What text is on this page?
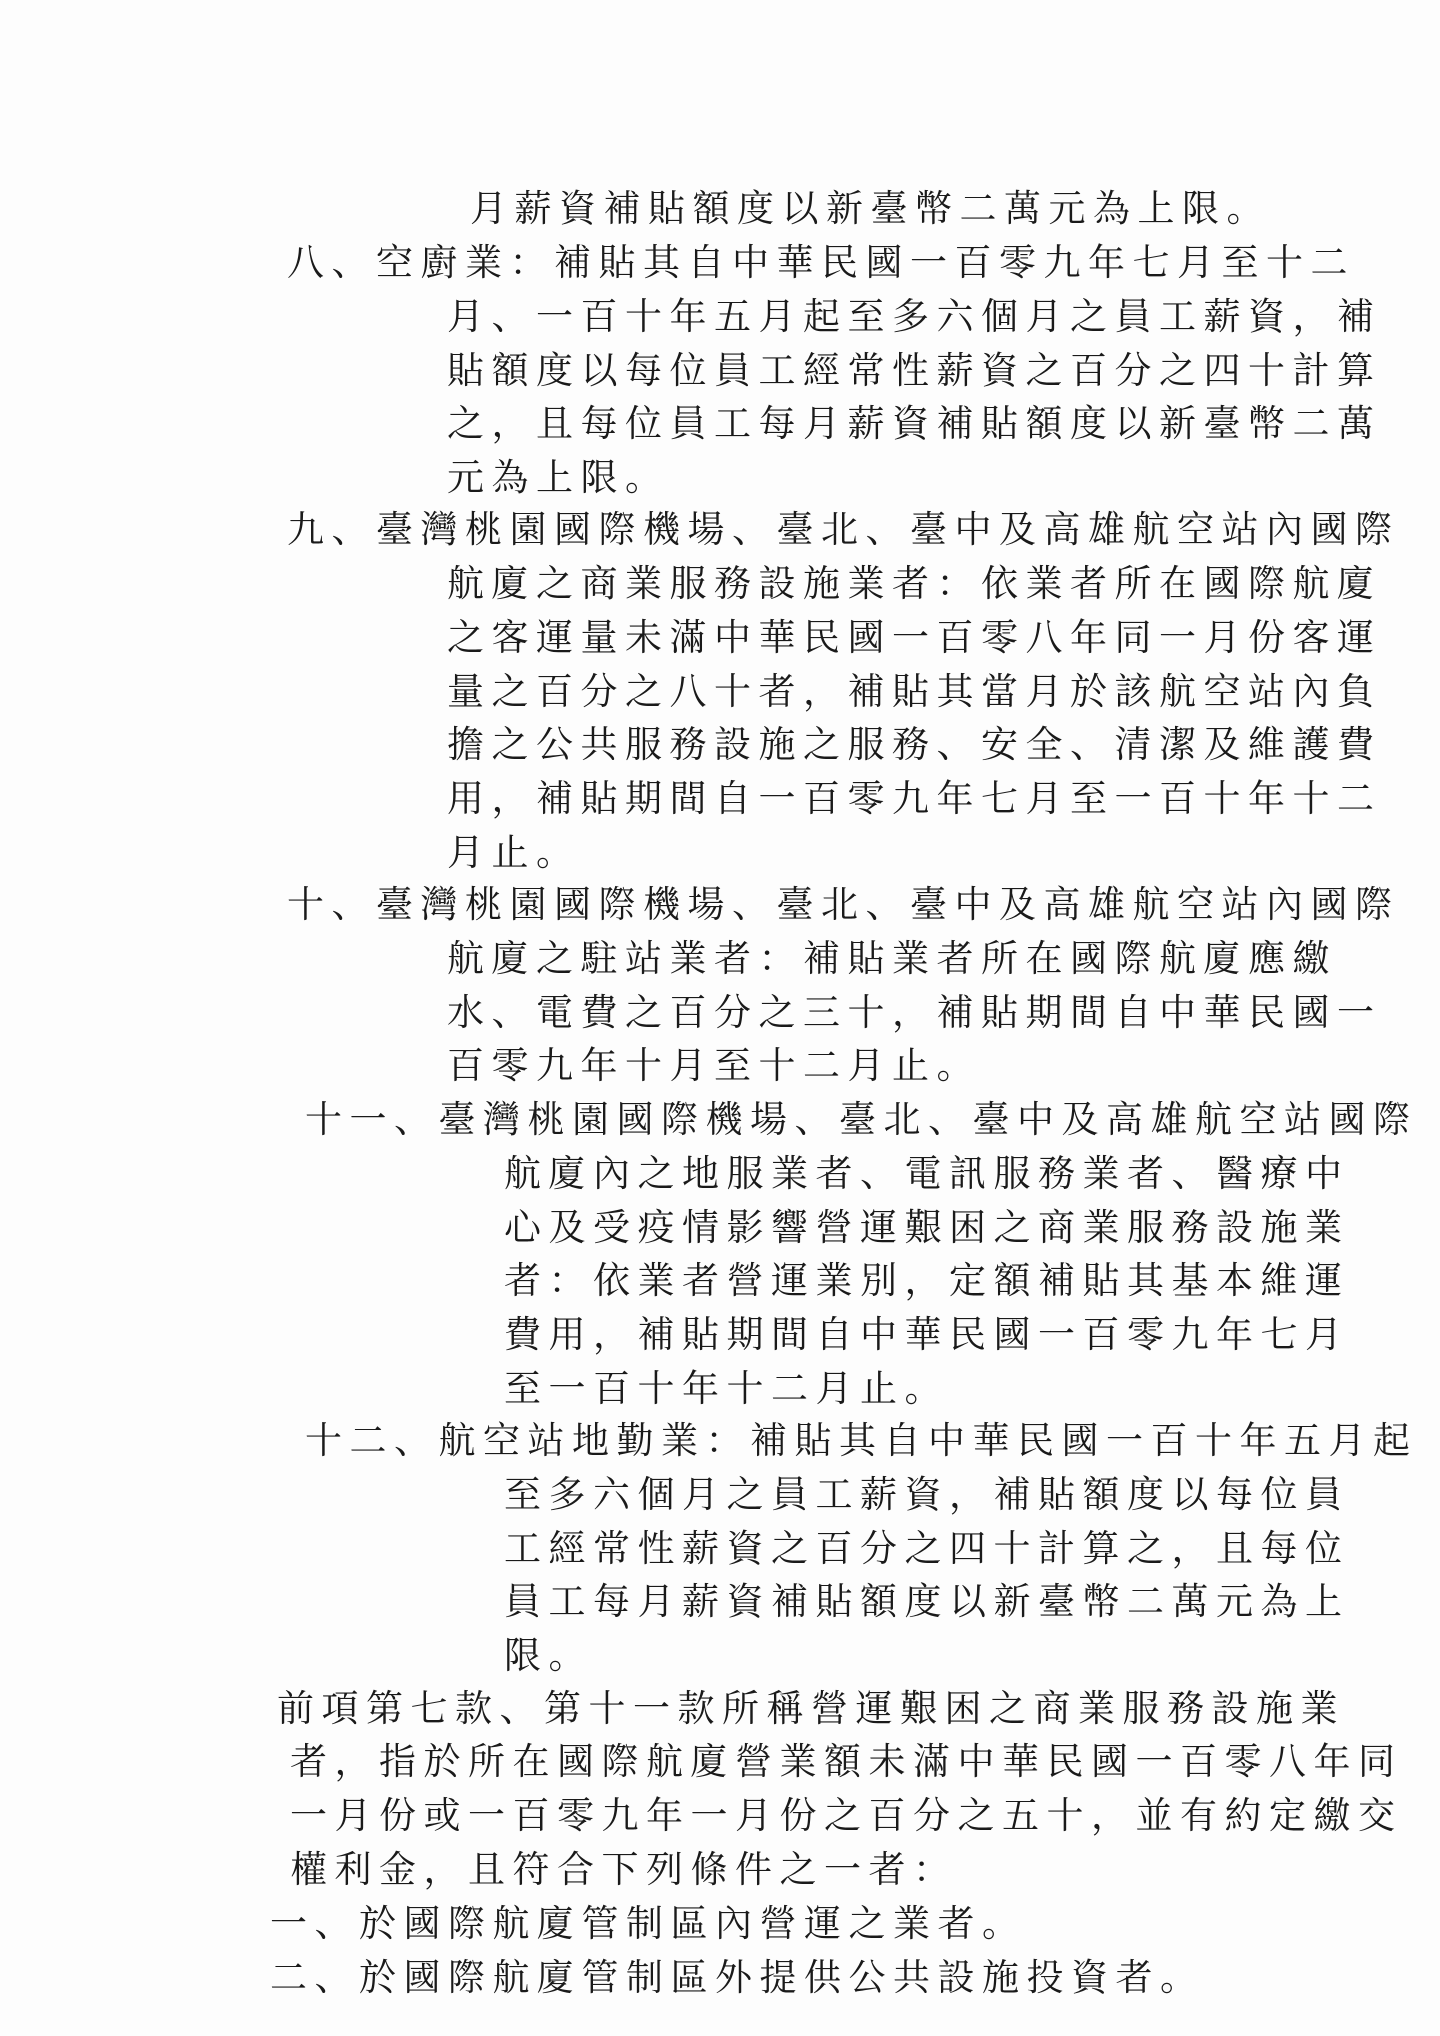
月薪資補貼額度以新臺幣二萬元為上限。
八、空廚業：補貼其自中華民國一百零九年七月至十二
月、一百十年五月起至多六個月之員工薪資，補
貼額度以每位員工經常性薪資之百分之四十計算
之，且每位員工每月薪資補貼額度以新臺幣二萬
元為上限。
九、臺灣桃園國際機場、臺北、臺中及高雄航空站內國際
航廈之商業服務設施業者：依業者所在國際航廈
之客運量未滿中華民國一百零八年同一月份客運
量之百分之八十者，補貼其當月於該航空站內負
擔之公共服務設施之服務、安全、清潔及維護費
用，補貼期間自一百零九年七月至一百十年十二
月止。
十、臺灣桃園國際機場、臺北、臺中及高雄航空站內國際
航廈之駐站業者：補貼業者所在國際航廈應繳
水、電費之百分之三十，補貼期間自中華民國一
百零九年十月至十二月止。
十一、臺灣桃園國際機場、臺北、臺中及高雄航空站國際
航廈內之地服業者、電訊服務業者、醫療中
心及受疫情影響營運艱困之商業服務設施業
者：依業者營運業別，定額補貼其基本維運
費用，補貼期間自中華民國一百零九年七月
至一百十年十二月止。
十二、航空站地勤業：補貼其自中華民國一百十年五月起
至多六個月之員工薪資，補貼額度以每位員
工經常性薪資之百分之四十計算之，且每位
員工每月薪資補貼額度以新臺幣二萬元為上
限。
前項第七款、第十一款所稱營運艱困之商業服務設施業
者，指於所在國際航廈營業額未滿中華民國一百零八年同
一月份或一百零九年一月份之百分之五十，並有約定繳交
權利金，且符合下列條件之一者：
一、於國際航廈管制區內營運之業者。
二、於國際航廈管制區外提供公共設施投資者。
